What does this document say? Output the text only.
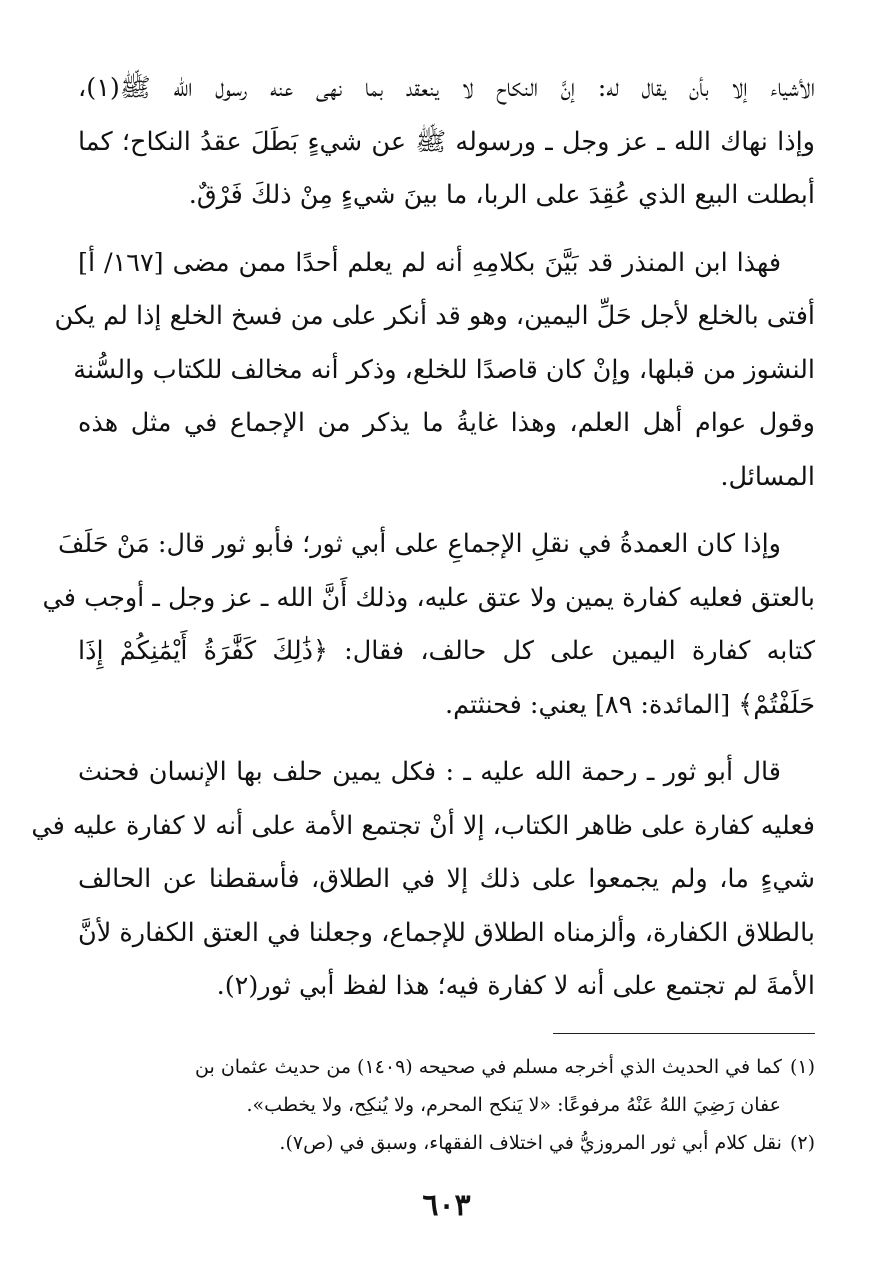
الأشياء إلا بأن يقال له: إنَّ النكاح لا ينعقد بما نهى عنه رسول الله ﷺ(١)،
وإذا نهاك الله ـ عز وجل ـ ورسوله ﷺ عن شيءٍ بَطَلَ عقدُ النكاح؛ كما
أبطلت البيع الذي عُقِدَ على الربا، ما بينَ شيءٍ مِنْ ذلكَ فَرْقٌ.

فهذا ابن المنذر قد بَيَّنَ بكلامِهِ أنه لم يعلم أحدًا ممن مضى [١٦٧/ أ]
أفتى بالخلع لأجل حَلِّ اليمين، وهو قد أنكر على من فسخ الخلع إذا لم يكن
النشوز من قبلها، وإنْ كان قاصدًا للخلع، وذكر أنه مخالف للكتاب والسُّنة
وقول عوام أهل العلم، وهذا غايةُ ما يذكر من الإجماع في مثل هذه
المسائل.

وإذا كان العمدةُ في نقلِ الإجماعِ على أبي ثور؛ فأبو ثور قال: مَنْ حَلَفَ
بالعتق فعليه كفارة يمين ولا عتق عليه، وذلك أَنَّ الله ـ عز وجل ـ أوجب في
كتابه كفارة اليمين على كل حالف، فقال: ﴿ذَٰلِكَ كَفَّٰرَةُ أَيْمَٰنِكُمْ إِذَا
حَلَفْتُمْ﴾ [المائدة: ٨٩] يعني: فحنثتم.

قال أبو ثور ـ رحمة الله عليه ـ : فكل يمين حلف بها الإنسان فحنث
فعليه كفارة على ظاهر الكتاب، إلا أنْ تجتمع الأمة على أنه لا كفارة عليه في
شيءٍ ما، ولم يجمعوا على ذلك إلا في الطلاق، فأسقطنا عن الحالف
بالطلاق الكفارة، وألزمناه الطلاق للإجماع، وجعلنا في العتق الكفارة لأنَّ
الأمةَ لم تجتمع على أنه لا كفارة فيه؛ هذا لفظ أبي ثور(٢).

(١)كما في الحديث الذي أخرجه مسلم في صحيحه (١٤٠٩) من حديث عثمان بن
عفان رَضِيَ اللهُ عَنْهُ مرفوعًا: «لا يَنكح المحرم، ولا يُنكِح، ولا يخطب».
(٢)نقل كلام أبي ثور المروزيُّ في اختلاف الفقهاء، وسبق في (ص٧).
٦٠٣
